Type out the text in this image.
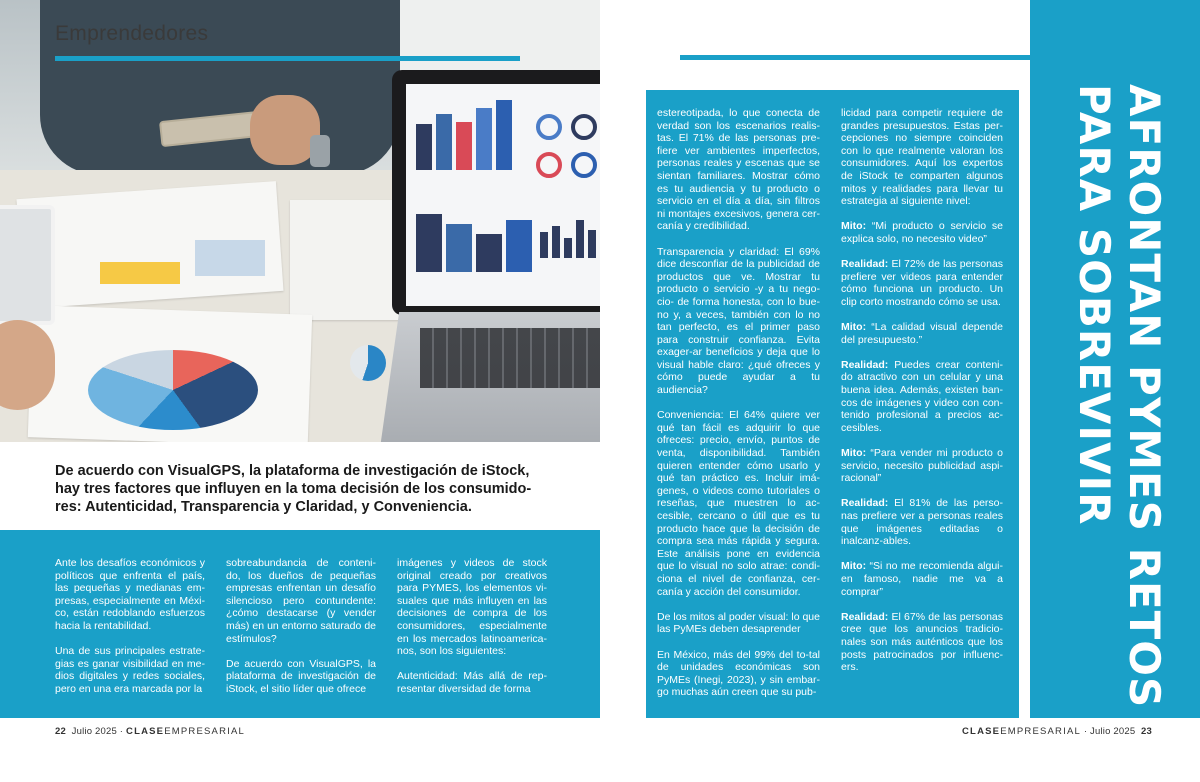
Emprendedores
De acuerdo con VisualGPS, la plataforma de investigación de iStock, hay tres factores que influyen en la toma decisión de los consumido-res: Autenticidad, Transparencia y Claridad, y Conveniencia.

Ante los desafíos económicos y políticos que enfrenta el país, las pequeñas y medianas em-presas, especialmente en Méxi-co, están redoblando esfuerzos hacia la rentabilidad.

Una de sus principales estrate-gias es ganar visibilidad en me-dios digitales y redes sociales, pero en una era marcada por la

sobreabundancia de conteni-do, los dueños de pequeñas empresas enfrentan un desafío silencioso pero contundente: ¿cómo destacarse (y vender más) en un entorno saturado de estímulos?

De acuerdo con VisualGPS, la plataforma de investigación de iStock, el sitio líder que ofrece

imágenes y videos de stock original creado por creativos para PYMES, los elementos vi-suales que más influyen en las decisiones de compra de los consumidores, especialmente en los mercados latinoamerica-nos, son los siguientes:

Autenticidad: Más allá de rep-resentar diversidad de forma

22 Julio 2025 · CLASEEMPRESARIAL

estereotipada, lo que conecta de verdad son los escenarios realis-tas. El 71% de las personas pre-fiere ver ambientes imperfectos, personas reales y escenas que se sientan familiares. Mostrar cómo es tu audiencia y tu producto o servicio en el día a día, sin filtros ni montajes excesivos, genera cer-canía y credibilidad.

Transparencia y claridad: El 69% dice desconfiar de la publicidad de productos que ve. Mostrar tu producto o servicio -y a tu nego-cio- de forma honesta, con lo bue-no y, a veces, también con lo no tan perfecto, es el primer paso para construir confianza. Evita exager-ar beneficios y deja que lo visual hable claro: ¿qué ofreces y cómo puede ayudar a tu audiencia?

Conveniencia: El 64% quiere ver qué tan fácil es adquirir lo que ofreces: precio, envío, puntos de venta, disponibilidad. También quieren entender cómo usarlo y qué tan práctico es. Incluir imá-genes, o videos como tutoriales o reseñas, que muestren lo ac-cesible, cercano o útil que es tu producto hace que la decisión de compra sea más rápida y segura. Este análisis pone en evidencia que lo visual no solo atrae: condi-ciona el nivel de confianza, cer-canía y acción del consumidor.

De los mitos al poder visual: lo que las PyMEs deben desaprender

En México, más del 99% del to-tal de unidades económicas son PyMEs (Inegi, 2023), y sin embar-go muchas aún creen que su pub-

licidad para competir requiere de grandes presupuestos. Estas per-cepciones no siempre coinciden con lo que realmente valoran los consumidores. Aquí los expertos de iStock te comparten algunos mitos y realidades para llevar tu estrategia al siguiente nivel:

Mito: “Mi producto o servicio se explica solo, no necesito video”

Realidad: El 72% de las personas prefiere ver videos para entender cómo funciona un producto. Un clip corto mostrando cómo se usa.

Mito: “La calidad visual depende del presupuesto.”

Realidad: Puedes crear conteni-do atractivo con un celular y una buena idea. Además, existen ban-cos de imágenes y video con con-tenido profesional a precios ac-cesibles.

Mito: “Para vender mi producto o servicio, necesito publicidad aspi-racional”

Realidad: El 81% de las perso-nas prefiere ver a personas reales que imágenes editadas o inalcanz-ables.

Mito: “Si no me recomienda algui-en famoso, nadie me va a comprar”

Realidad: El 67% de las personas cree que los anuncios tradicio-nales son más auténticos que los posts patrocinados por influenc-ers.	AFRONTAN PYMES RETOS
PARA SOBREVIVIR
CLASEEMPRESARIAL · Julio 2025 23
